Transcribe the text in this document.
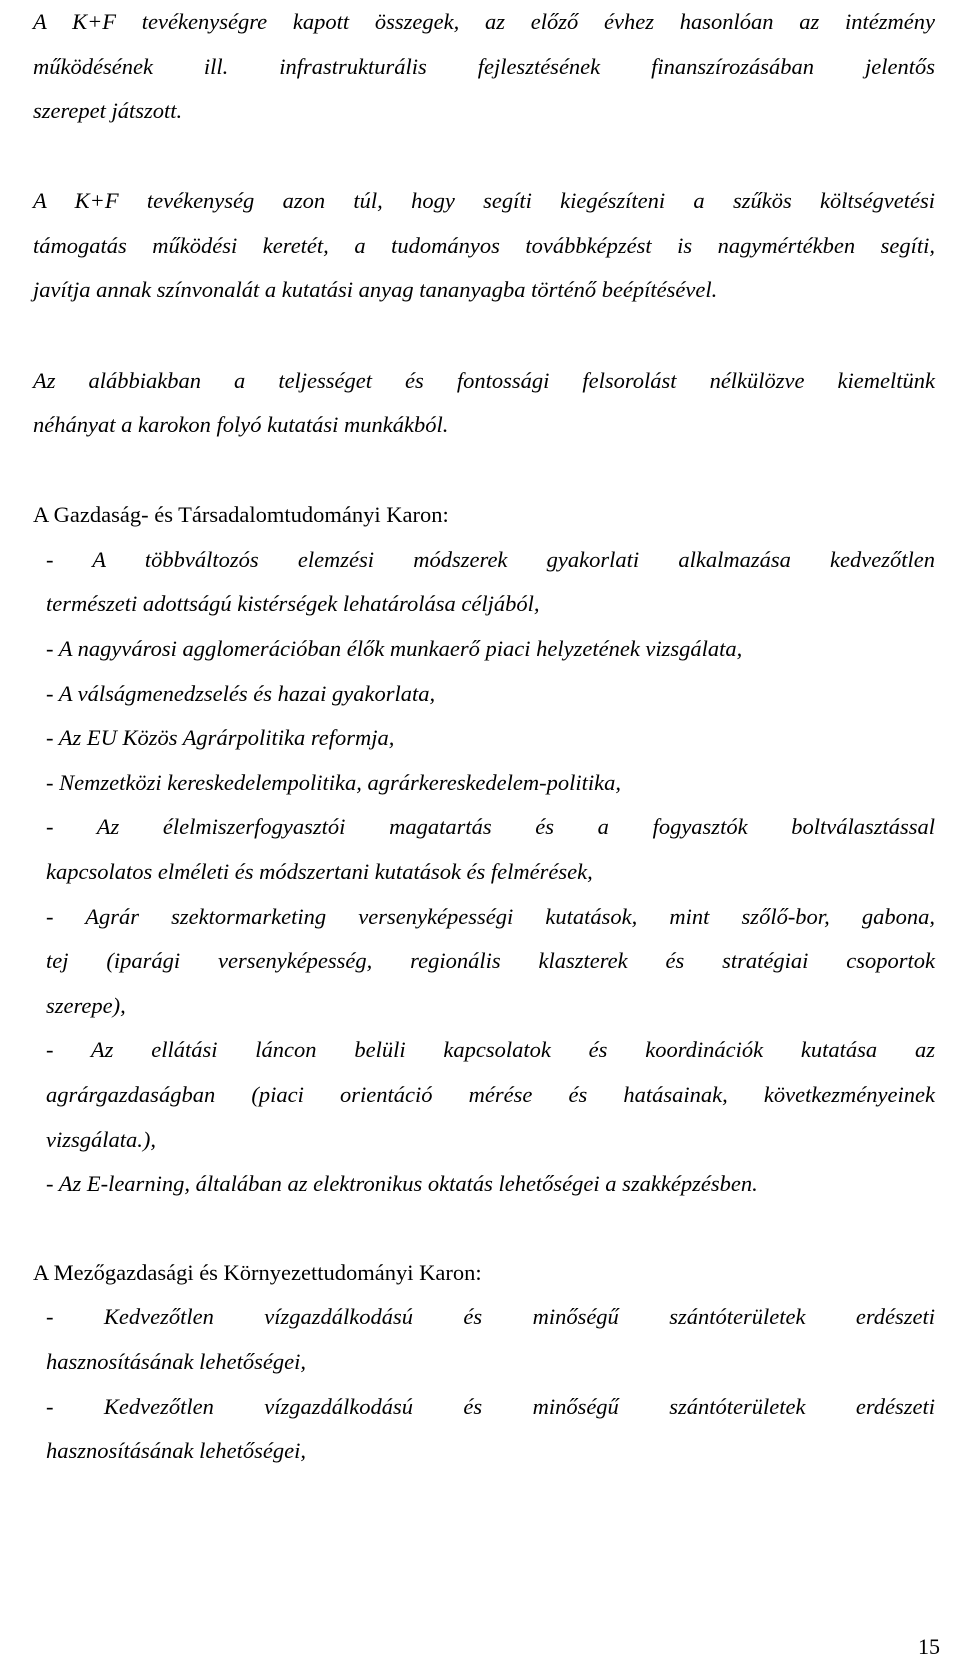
A K+F tevékenységre kapott összegek, az előző évhez hasonlóan az intézmény

működésének ill. infrastrukturális fejlesztésének finanszírozásában jelentős

szerepet játszott.

A K+F tevékenység azon túl, hogy segíti kiegészíteni a szűkös költségvetési

támogatás működési keretét, a tudományos továbbképzést is nagymértékben segíti,

javítja annak színvonalát a kutatási anyag tananyagba történő beépítésével.

Az alábbiakban a teljességet és fontossági felsorolást nélkülözve kiemeltünk

néhányat a karokon folyó kutatási munkákból.

A Gazdaság- és Társadalomtudományi Karon:

- A többváltozós elemzési módszerek gyakorlati alkalmazása kedvezőtlen

természeti adottságú kistérségek lehatárolása céljából,

- A nagyvárosi agglomerációban élők munkaerő piaci helyzetének vizsgálata,

- A válságmenedzselés és hazai gyakorlata,

- Az EU Közös Agrárpolitika reformja,

- Nemzetközi kereskedelempolitika, agrárkereskedelem-politika,

- Az élelmiszerfogyasztói magatartás és a fogyasztók boltválasztással

kapcsolatos elméleti és módszertani kutatások és felmérések,

- Agrár szektormarketing versenyképességi kutatások, mint szőlő-bor, gabona,

tej (iparági versenyképesség, regionális klaszterek és stratégiai csoportok

szerepe),

- Az ellátási láncon belüli kapcsolatok és koordinációk kutatása az

agrárgazdaságban (piaci orientáció mérése és hatásainak, következményeinek

vizsgálata.),

- Az E-learning, általában az elektronikus oktatás lehetőségei a szakképzésben.

A Mezőgazdasági és Környezettudományi Karon:

- Kedvezőtlen vízgazdálkodású és minőségű szántóterületek erdészeti

hasznosításának lehetőségei,

- Kedvezőtlen vízgazdálkodású és minőségű szántóterületek erdészeti

hasznosításának lehetőségei,

15
